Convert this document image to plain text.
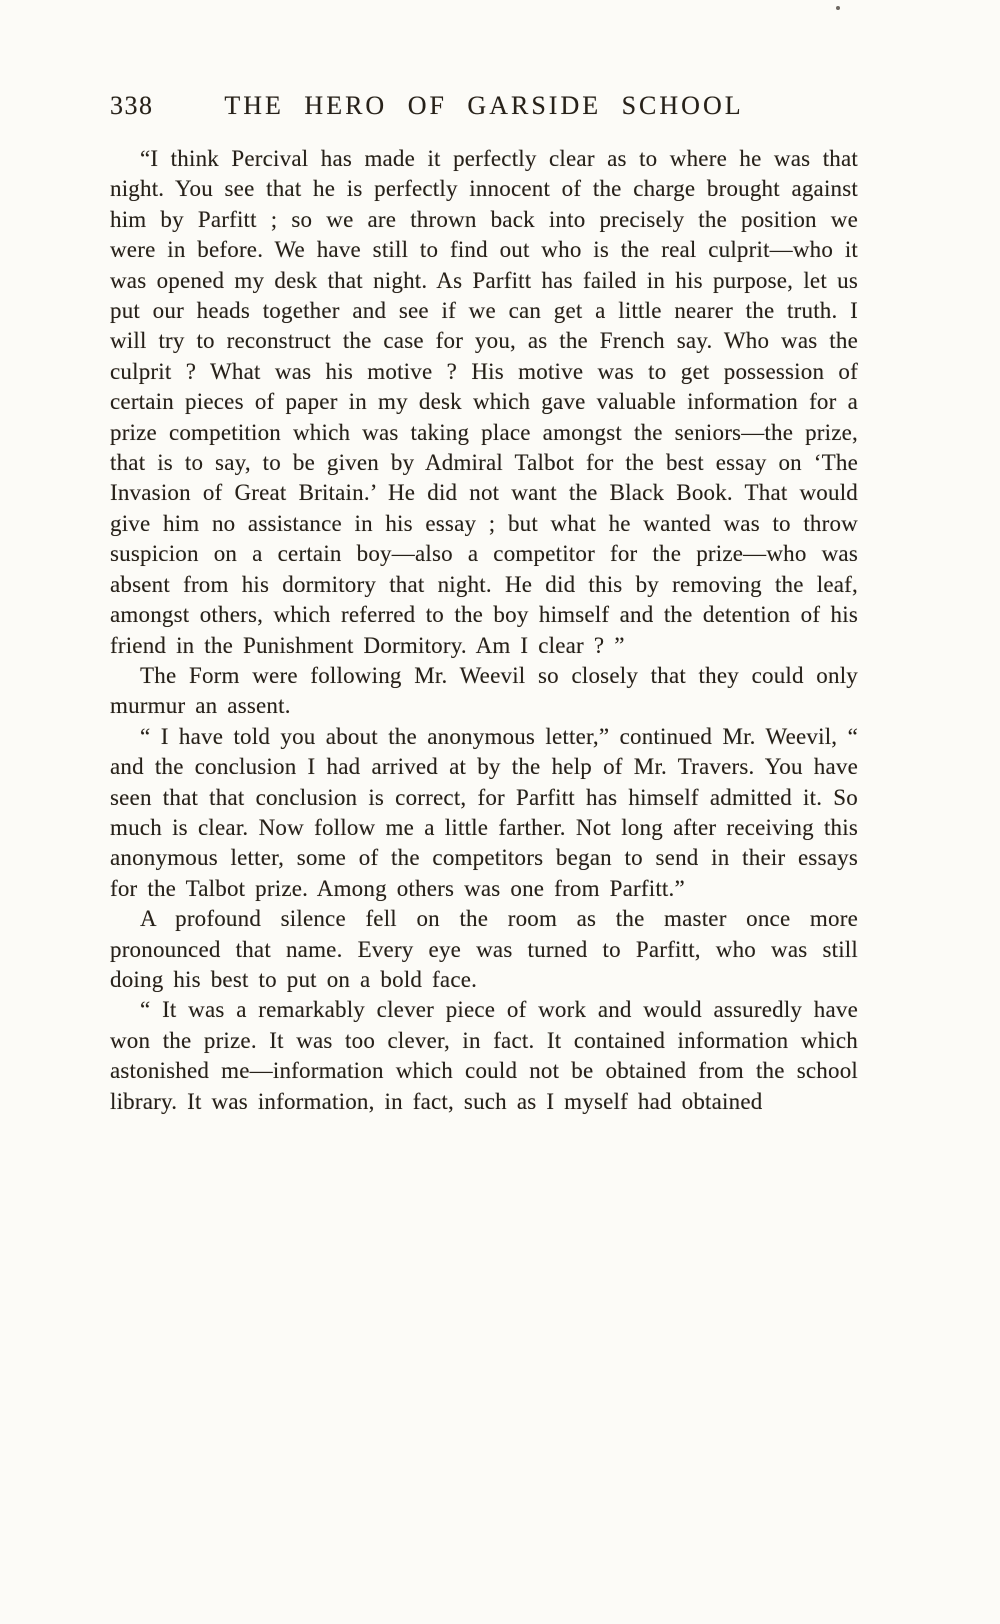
338	THE HERO OF GARSIDE SCHOOL

“I think Percival has made it perfectly clear as to where he was that night. You see that he is perfectly innocent of the charge brought against him by Parfitt ; so we are thrown back into precisely the position we were in before. We have still to find out who is the real culprit—who it was opened my desk that night. As Parfitt has failed in his purpose, let us put our heads together and see if we can get a little nearer the truth. I will try to reconstruct the case for you, as the French say. Who was the culprit ? What was his motive ? His motive was to get possession of certain pieces of paper in my desk which gave valuable information for a prize competition which was taking place amongst the seniors—the prize, that is to say, to be given by Admiral Talbot for the best essay on ‘The Invasion of Great Britain.’ He did not want the Black Book. That would give him no assistance in his essay ; but what he wanted was to throw suspicion on a certain boy—also a competitor for the prize—who was absent from his dormitory that night. He did this by removing the leaf, amongst others, which referred to the boy himself and the detention of his friend in the Punishment Dormitory. Am I clear ? ”

The Form were following Mr. Weevil so closely that they could only murmur an assent.

“ I have told you about the anonymous letter,” continued Mr. Weevil, “ and the conclusion I had arrived at by the help of Mr. Travers. You have seen that that conclusion is correct, for Parfitt has himself admitted it. So much is clear. Now follow me a little farther. Not long after receiving this anonymous letter, some of the competitors began to send in their essays for the Talbot prize. Among others was one from Parfitt.”

A profound silence fell on the room as the master once more pronounced that name. Every eye was turned to Parfitt, who was still doing his best to put on a bold face.

“ It was a remarkably clever piece of work and would assuredly have won the prize. It was too clever, in fact. It contained information which astonished me—information which could not be obtained from the school library. It was information, in fact, such as I myself had obtained
